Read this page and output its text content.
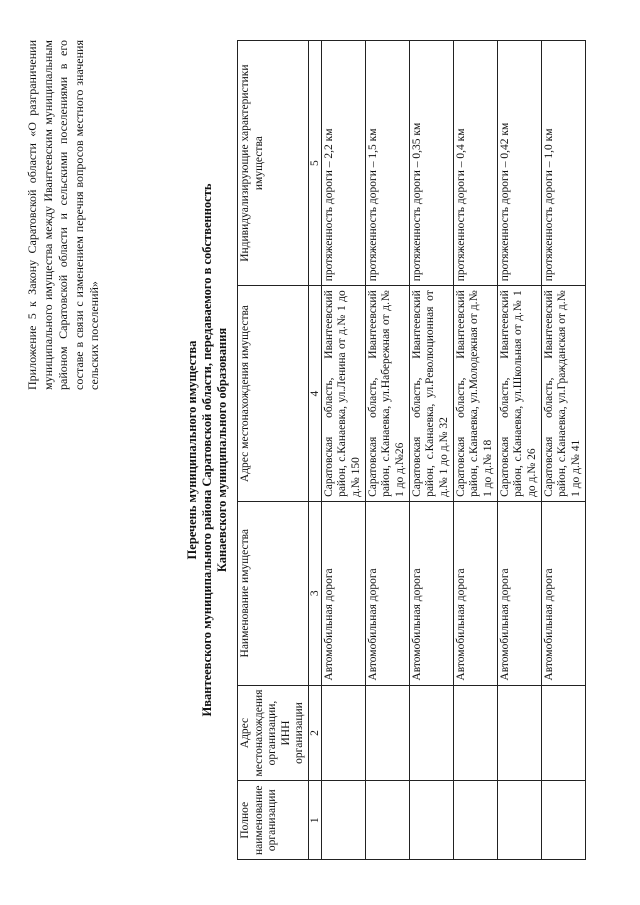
Приложение 5 к Закону Саратовской области «О разграничении муниципального имущества между Ивантеевским муниципальным районом Саратовской области и сельскими поселениями в его составе в связи с изменением перечня вопросов местного значения сельских поселений»

Перечень муниципального имущества Ивантеевского муниципального района Саратовской области, передаваемого в собственность Канаевского муниципального образования
Полное наименование организации	Адрес местонахождения организации, ИНН организации	Наименование имущества	Адрес местонахождения имущества	Индивидуализирующие характеристики имущества
1	2	3	4	5
		Автомобильная дорога	Саратовская область, Ивантеевский район, с.Канаевка, ул.Ленина от д.№ 1 до д.№ 150	протяженность дороги – 2,2 км
		Автомобильная дорога	Саратовская область, Ивантеевский район, с.Канаевка, ул.Набережная от д.№ 1 до д.№26	протяженность дороги – 1,5 км
		Автомобильная дорога	Саратовская область, Ивантеевский район, с.Канаевка, ул.Революционная от д.№ 1 до д.№ 32	протяженность дороги – 0,35 км
		Автомобильная дорога	Саратовская область, Ивантеевский район, с.Канаевка, ул.Молодежная от д.№ 1 до д.№ 18	протяженность дороги – 0,4 км
		Автомобильная дорога	Саратовская область, Ивантеевский район, с.Канаевка, ул.Школьная от д.№ 1 до д.№ 26	протяженность дороги – 0,42 км
		Автомобильная дорога	Саратовская область, Ивантеевский район, с.Канаевка, ул.Гражданская от д.№ 1 до д.№ 41	протяженность дороги – 1,0 км
